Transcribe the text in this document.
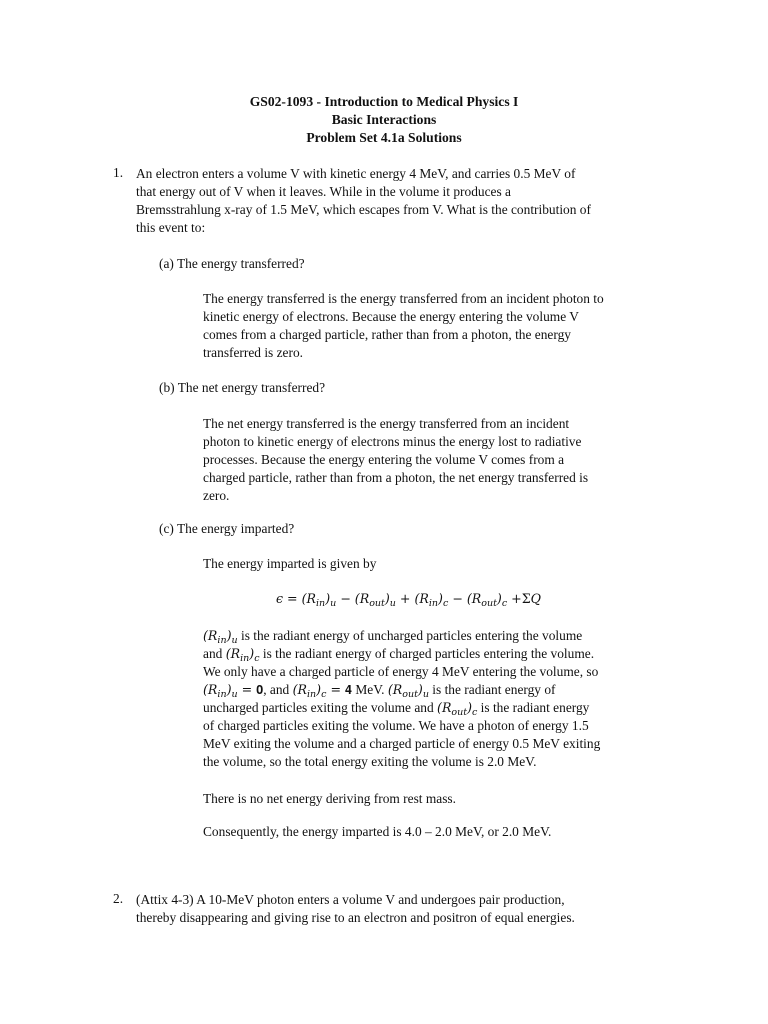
GS02-1093 - Introduction to Medical Physics I
Basic Interactions
Problem Set 4.1a Solutions
1. An electron enters a volume V with kinetic energy 4 MeV, and carries 0.5 MeV of
that energy out of V when it leaves. While in the volume it produces a
Bremsstrahlung x-ray of 1.5 MeV, which escapes from V. What is the contribution of
this event to:
(a) The energy transferred?
The energy transferred is the energy transferred from an incident photon to
kinetic energy of electrons. Because the energy entering the volume V
comes from a charged particle, rather than from a photon, the energy
transferred is zero.
(b) The net energy transferred?
The net energy transferred is the energy transferred from an incident
photon to kinetic energy of electrons minus the energy lost to radiative
processes. Because the energy entering the volume V comes from a
charged particle, rather than from a photon, the net energy transferred is
zero.
(c) The energy imparted?
The energy imparted is given by
$\epsilon = (R_{in})_u - (R_{out})_u + (R_{in})_c - (R_{out})_c +\Sigma Q$
$(R_{in})_u$ is the radiant energy of uncharged particles entering the volume
and $(R_{in})_c$ is the radiant energy of charged particles entering the volume.
We only have a charged particle of energy 4 MeV entering the volume, so
$(R_{in})_u$ = 𝟎, and $(R_{in})_c$ = 𝟒 MeV. $(R_{out})_u$ is the radiant energy of
uncharged particles exiting the volume and $(R_{out})_c$ is the radiant energy
of charged particles exiting the volume. We have a photon of energy 1.5
MeV exiting the volume and a charged particle of energy 0.5 MeV exiting
the volume, so the total energy exiting the volume is 2.0 MeV.
There is no net energy deriving from rest mass.
Consequently, the energy imparted is 4.0 – 2.0 MeV, or 2.0 MeV.
2. (Attix 4-3) A 10-MeV photon enters a volume V and undergoes pair production,
thereby disappearing and giving rise to an electron and positron of equal energies.
